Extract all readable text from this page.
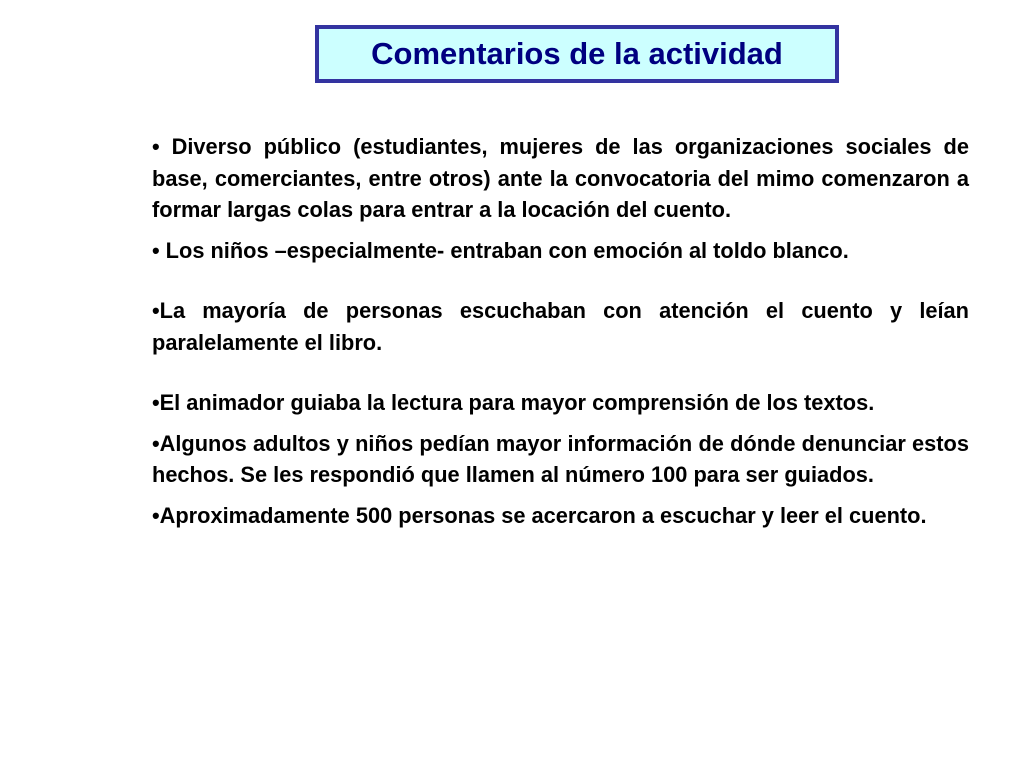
Comentarios de la actividad

• Diverso público (estudiantes, mujeres de las organizaciones sociales de base, comerciantes, entre otros) ante la convocatoria del mimo comenzaron a formar largas colas para entrar a la locación del cuento.

• Los niños –especialmente- entraban con emoción al toldo blanco.

•La mayoría de personas escuchaban con atención el cuento y leían paralelamente el libro.

•El animador guiaba la lectura para mayor comprensión de los textos.

•Algunos adultos y niños pedían mayor información de dónde denunciar estos hechos. Se les respondió que llamen al número 100 para ser guiados.

•Aproximadamente 500 personas se acercaron a escuchar y leer el cuento.
